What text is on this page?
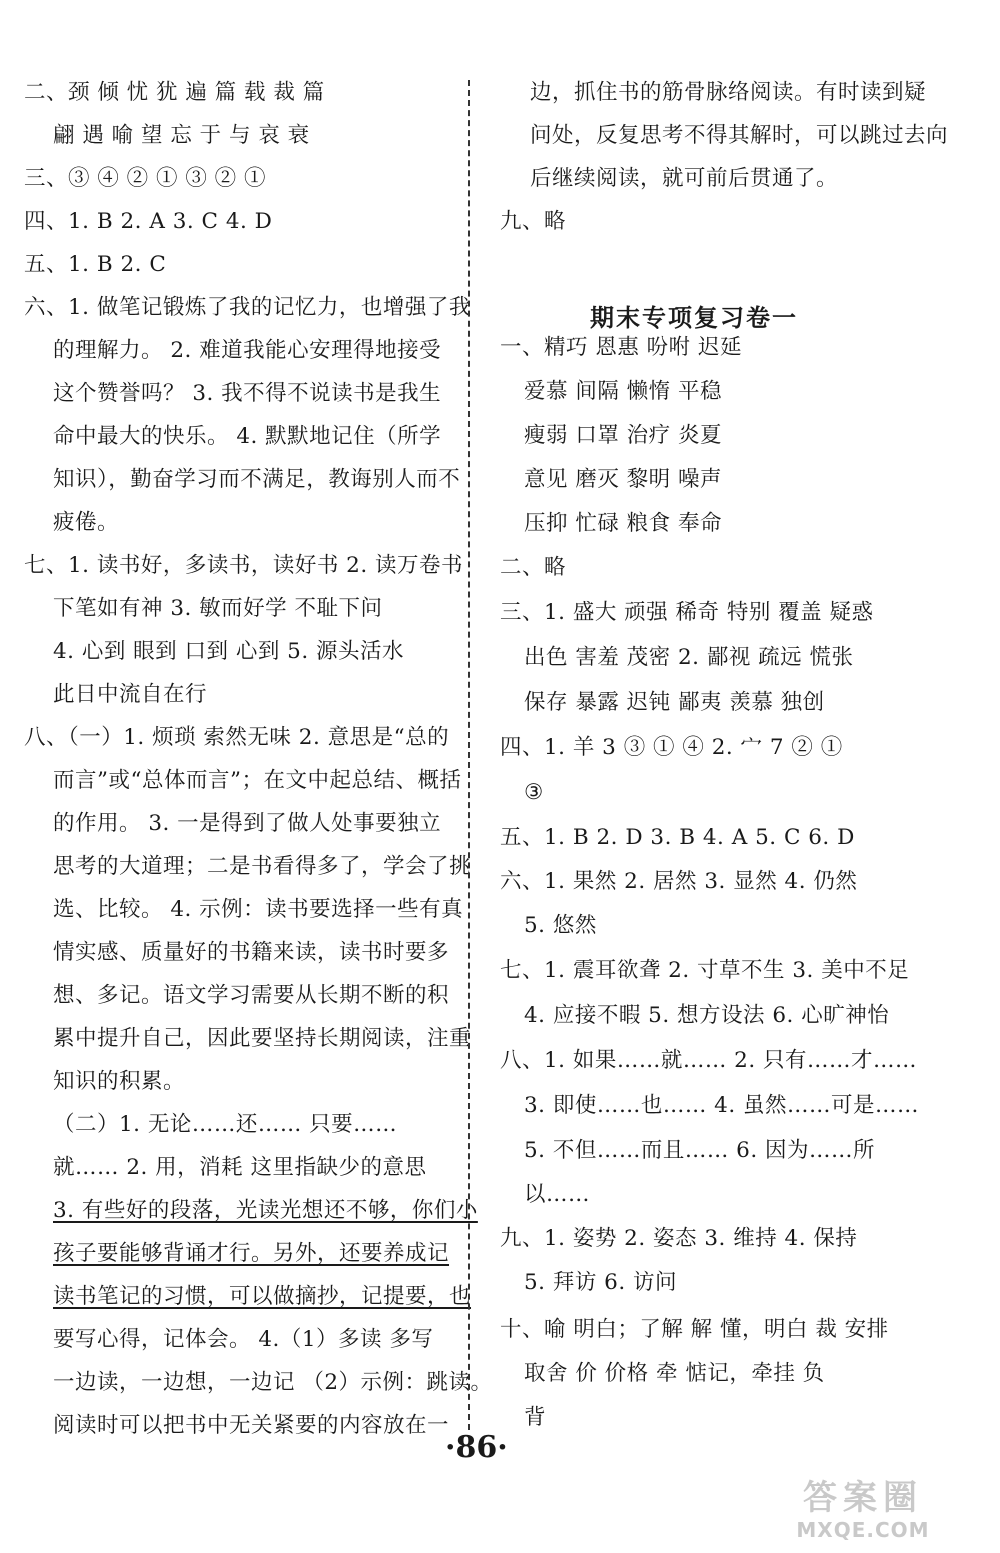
二、颈 倾 忧 犹 遍 篇 载 裁 篇
翩 遇 喻 望 忘 于 与 哀 衰
三、③ ④ ② ① ③ ② ①
四、1. B 2. A 3. C 4. D
五、1. B 2. C
六、1. 做笔记锻炼了我的记忆力，也增强了我
的理解力。 2. 难道我能心安理得地接受
这个赞誉吗？ 3. 我不得不说读书是我生
命中最大的快乐。 4. 默默地记住（所学
知识），勤奋学习而不满足，教诲别人而不
疲倦。
七、1. 读书好，多读书，读好书 2. 读万卷书
下笔如有神 3. 敏而好学 不耻下问
4. 心到 眼到 口到 心到 5. 源头活水
此日中流自在行
八、（一）1. 烦琐 索然无味 2. 意思是“总的
而言”或“总体而言”；在文中起总结、概括
的作用。 3. 一是得到了做人处事要独立
思考的大道理；二是书看得多了，学会了挑
选、比较。 4. 示例：读书要选择一些有真
情实感、质量好的书籍来读，读书时要多
想、多记。语文学习需要从长期不断的积
累中提升自己，因此要坚持长期阅读，注重
知识的积累。
（二）1. 无论……还…… 只要……
就…… 2. 用，消耗 这里指缺少的意思
3. 有些好的段落，光读光想还不够，你们小
孩子要能够背诵才行。另外，还要养成记
读书笔记的习惯，可以做摘抄，记提要，也
要写心得，记体会。 4.（1）多读 多写
一边读，一边想，一边记 （2）示例：跳读。
阅读时可以把书中无关紧要的内容放在一
边，抓住书的筋骨脉络阅读。有时读到疑
问处，反复思考不得其解时，可以跳过去向
后继续阅读，就可前后贯通了。
九、略
一、精巧 恩惠 吩咐 迟延
爱慕 间隔 懒惰 平稳
瘦弱 口罩 治疗 炎夏
意见 磨灭 黎明 噪声
压抑 忙碌 粮食 奉命
二、略
三、1. 盛大 顽强 稀奇 特别 覆盖 疑惑
出色 害羞 茂密 2. 鄙视 疏远 慌张
保存 暴露 迟钝 鄙夷 羡慕 独创
四、1. 羊 3 ③ ① ④ 2. 宀 7 ② ①
③
五、1. B 2. D 3. B 4. A 5. C 6. D
六、1. 果然 2. 居然 3. 显然 4. 仍然
5. 悠然
七、1. 震耳欲聋 2. 寸草不生 3. 美中不足
4. 应接不暇 5. 想方设法 6. 心旷神怡
八、1. 如果……就…… 2. 只有……才……
3. 即使……也…… 4. 虽然……可是……
5. 不但……而且…… 6. 因为……所
以……
九、1. 姿势 2. 姿态 3. 维持 4. 保持
5. 拜访 6. 访问
十、喻 明白；了解 解 懂，明白 裁 安排
取舍 价 价格 牵 惦记，牵挂 负
背
期末专项复习卷一
·86·
答案圈
MXQE.COM
